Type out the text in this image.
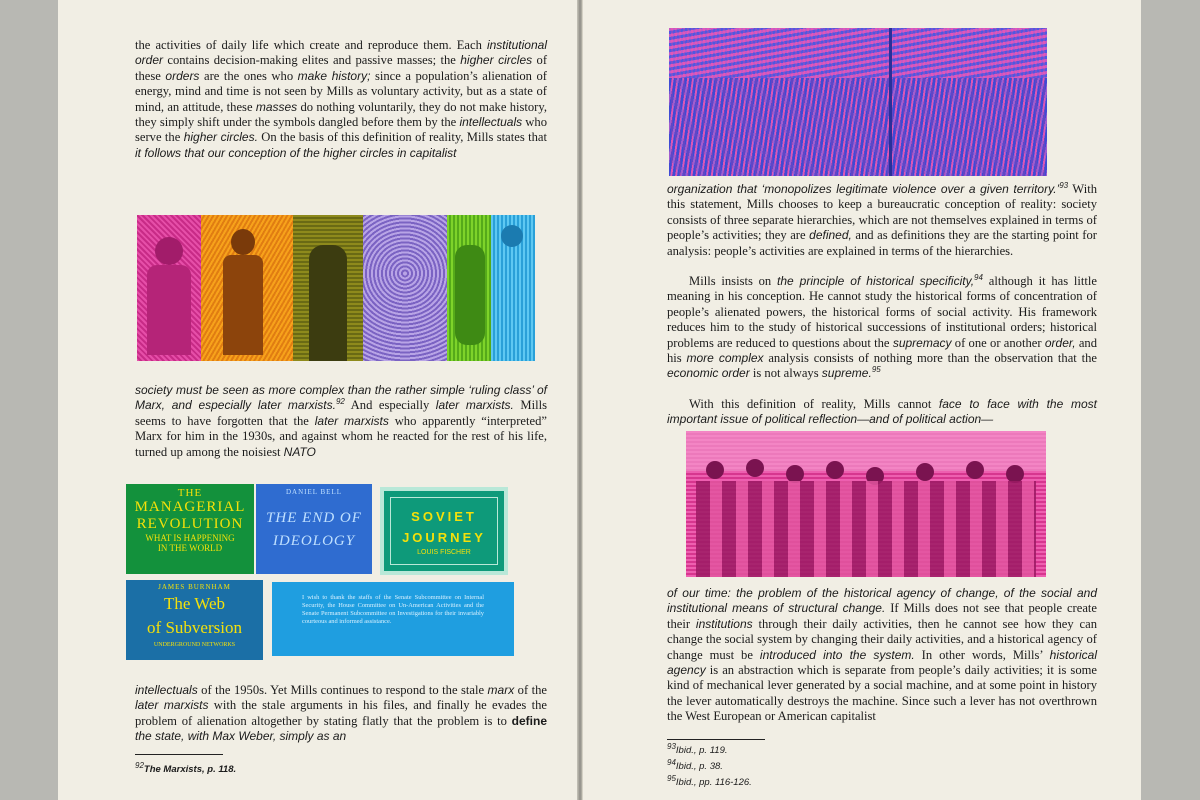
the activities of daily life which create and reproduce them. Each institutional order contains decision-making elites and passive masses; the higher circles of these orders are the ones who make history; since a population’s alienation of energy, mind and time is not seen by Mills as voluntary activity, but as a state of mind, an attitude, these masses do nothing voluntarily, they do not make history, they simply shift under the symbols dangled before them by the intellectuals who serve the higher circles. On the basis of this definition of reality, Mills states that it follows that our conception of the higher circles in capitalist

society must be seen as more complex than the rather simple ‘ruling class’ of Marx, and especially later marxists.$^{92}$ And especially later marxists. Mills seems to have forgotten that the later marxists who apparently “interpreted” Marx for him in the 1930s, and against whom he reacted for the rest of his life, turned up among the noisiest NATO

THE
MANAGERIAL
REVOLUTION
WHAT IS HAPPENING
IN THE WORLD
DANIEL BELL
THE END OF
IDEOLOGY
SOVIET
JOURNEY
LOUIS FISCHER
JAMES BURNHAM
The Web
of Subversion
UNDERGROUND NETWORKS
I wish to thank the staffs of the Senate Subcommittee on Internal Security, the House Committee on Un-American Activities and the Senate Permanent Subcommittee on Investigations for their invariably courteous and informed assistance.

intellectuals of the 1950s. Yet Mills continues to respond to the stale marx of the later marxists with the stale arguments in his files, and finally he evades the problem of alienation altogether by stating flatly that the problem is to define the state, with Max Weber, simply as an

$^{92}$The Marxists, p. 118.

organization that ‘monopolizes legitimate violence over a given territory.’$^{93}$ With this statement, Mills chooses to keep a bureaucratic conception of reality: society consists of three separate hierarchies, which are not themselves explained in terms of people’s activities; they are defined, and as definitions they are the starting point for analysis: people’s activities are explained in terms of the hierarchies.

Mills insists on the principle of historical specificity,$^{94}$ although it has little meaning in his conception. He cannot study the historical forms of concentration of people’s alienated powers, the historical forms of social activity. His framework reduces him to the study of historical successions of institutional orders; historical problems are reduced to questions about the supremacy of one or another order, and his more complex analysis consists of nothing more than the observation that the economic order is not always supreme.$^{95}$

With this definition of reality, Mills cannot face to face with the most important issue of political reflection—and of political action—

of our time: the problem of the historical agency of change, of the social and institutional means of structural change. If Mills does not see that people create their institutions through their daily activities, then he cannot see how they can change the social system by changing their daily activities, and a historical agency of change must be introduced into the system. In other words, Mills’ historical agency is an abstraction which is separate from people’s daily activities; it is some kind of mechanical lever generated by a social machine, and at some point in history the lever automatically destroys the machine. Since such a lever has not overthrown the West European or American capitalist

$^{93}$Ibid., p. 119.
$^{94}$Ibid., p. 38.
$^{95}$Ibid., pp. 116-126.
